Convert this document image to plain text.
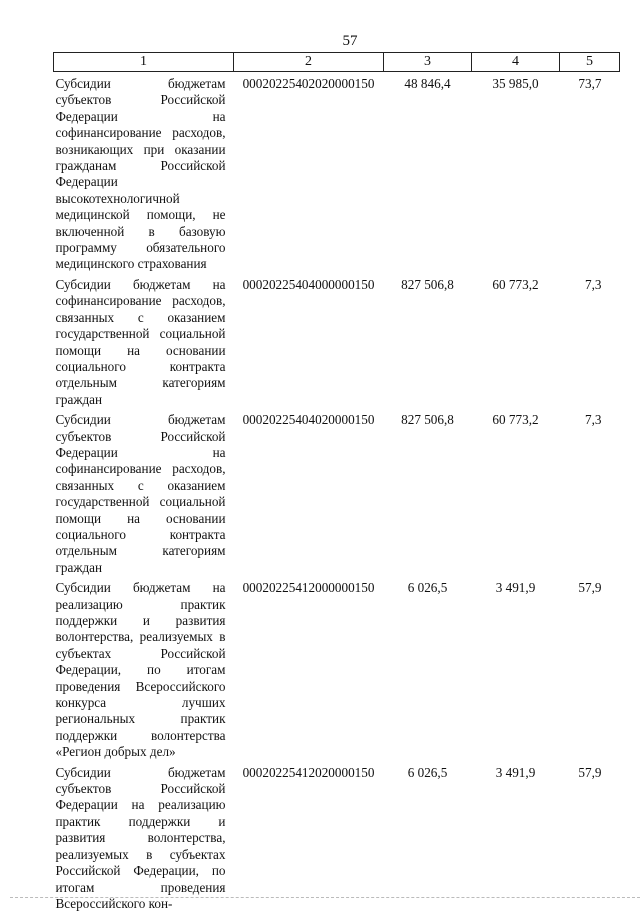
57
1	2	3	4	5
Субсидии бюджетам субъектов Российской Федерации на софинансирование расходов, возникающих при оказании гражданам Российской Федерации высокотехнологичной медицинской помощи, не включенной в базовую программу обязательного медицинского страхования	00020225402020000150	48 846,4	35 985,0	73,7
Субсидии бюджетам на софинансирование расходов, связанных с оказанием государственной социальной помощи на основании социального контракта отдельным категориям граждан	00020225404000000150	827 506,8	60 773,2	7,3
Субсидии бюджетам субъектов Российской Федерации на софинансирование расходов, связанных с оказанием государственной социальной помощи на основании социального контракта отдельным категориям граждан	00020225404020000150	827 506,8	60 773,2	7,3
Субсидии бюджетам на реализацию практик поддержки и развития волонтерства, реализуемых в субъектах Российской Федерации, по итогам проведения Всероссийского конкурса лучших региональных практик поддержки волонтерства «Регион добрых дел»	00020225412000000150	6 026,5	3 491,9	57,9
Субсидии бюджетам субъектов Российской Федерации на реализацию практик поддержки и развития волонтерства, реализуемых в субъектах Российской Федерации, по итогам проведения Всероссийского кон-	00020225412020000150	6 026,5	3 491,9	57,9
